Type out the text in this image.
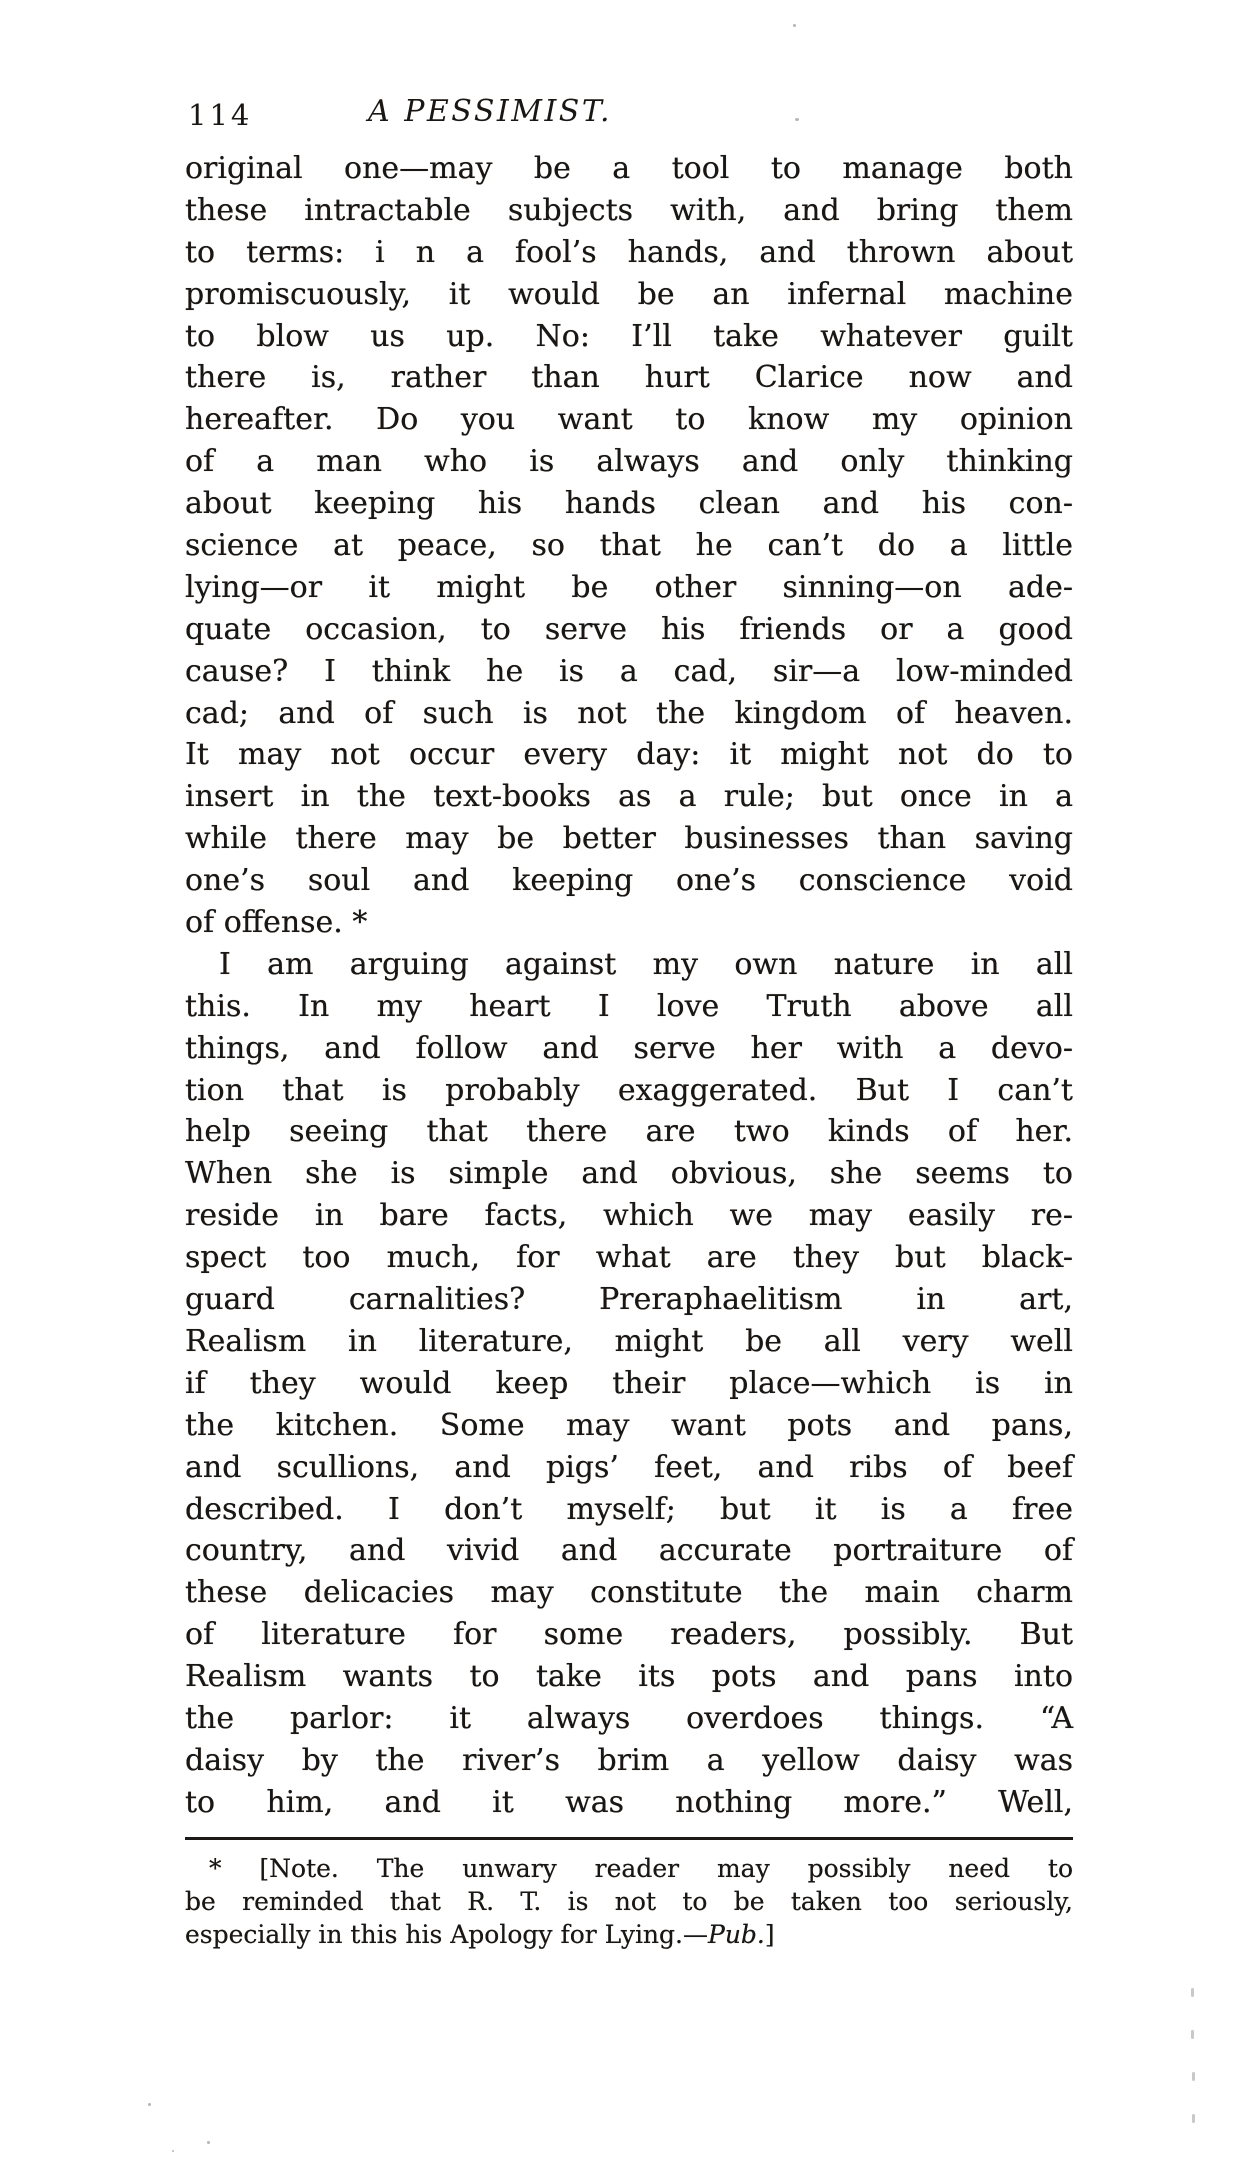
114	A PESSIMIST.
original one—may be a tool to manage both
these intractable subjects with, and bring them
to terms: i n a fool’s hands, and thrown about
promiscuously, it would be an infernal machine
to blow us up. No: I’ll take whatever guilt
there is, rather than hurt Clarice now and
hereafter. Do you want to know my opinion
of a man who is always and only thinking
about keeping his hands clean and his con-
science at peace, so that he can’t do a little
lying—or it might be other sinning—on ade-
quate occasion, to serve his friends or a good
cause? I think he is a cad, sir—a low-minded
cad; and of such is not the kingdom of heaven.
It may not occur every day: it might not do to
insert in the text-books as a rule; but once in a
while there may be better businesses than saving
one’s soul and keeping one’s conscience void
of offense. *
I am arguing against my own nature in all
this. In my heart I love Truth above all
things, and follow and serve her with a devo-
tion that is probably exaggerated. But I can’t
help seeing that there are two kinds of her.
When she is simple and obvious, she seems to
reside in bare facts, which we may easily re-
spect too much, for what are they but black-
guard carnalities? Preraphaelitism in art,
Realism in literature, might be all very well
if they would keep their place—which is in
the kitchen. Some may want pots and pans,
and scullions, and pigs’ feet, and ribs of beef
described. I don’t myself; but it is a free
country, and vivid and accurate portraiture of
these delicacies may constitute the main charm
of literature for some readers, possibly. But
Realism wants to take its pots and pans into
the parlor: it always overdoes things. “A
daisy by the river’s brim a yellow daisy was
to him, and it was nothing more.” Well,
* [Note. The unwary reader may possibly need to
be reminded that R. T. is not to be taken too seriously,
especially in this his Apology for Lying.—Pub.]
